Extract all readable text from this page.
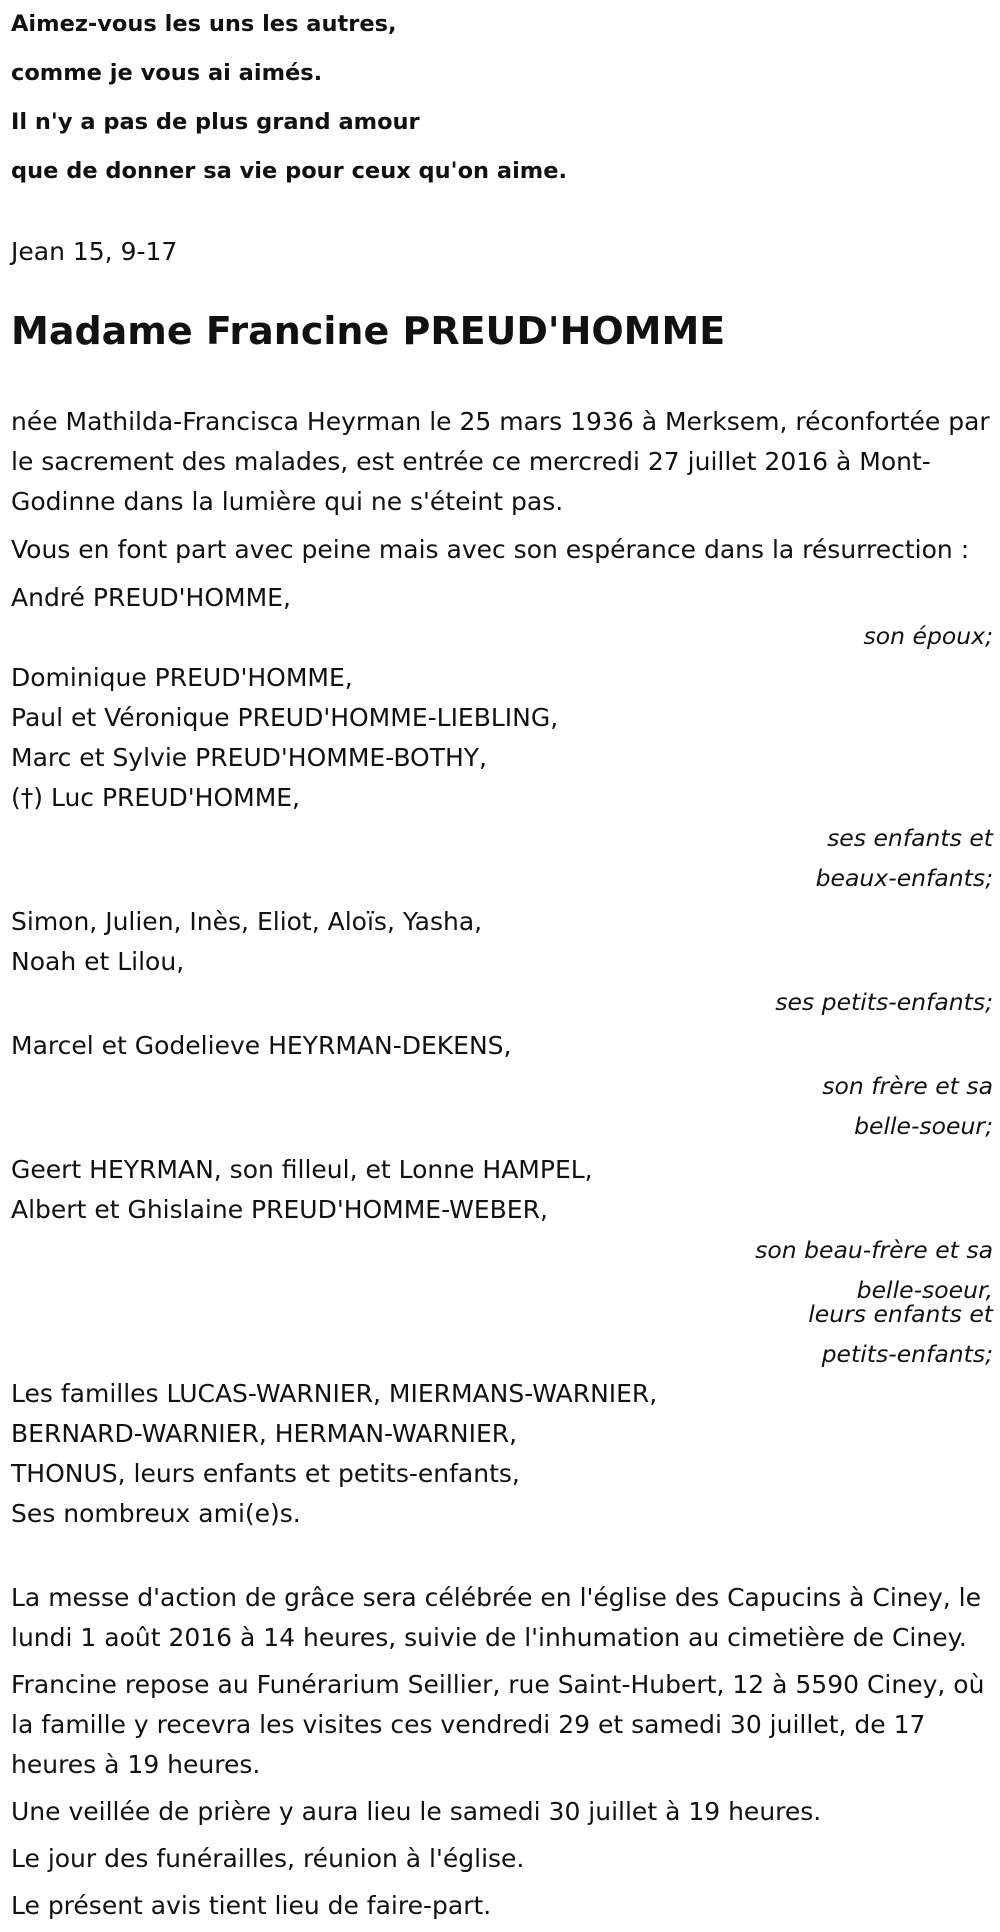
Aimez-vous les uns les autres,

comme je vous ai aimés.

Il n'y a pas de plus grand amour

que de donner sa vie pour ceux qu'on aime.

Jean 15, 9-17

Madame Francine PREUD'HOMME

née Mathilda-Francisca Heyrman le 25 mars 1936 à Merksem, réconfortée par le sacrement des malades, est entrée ce mercredi 27 juillet 2016 à Mont-Godinne dans la lumière qui ne s'éteint pas.

Vous en font part avec peine mais avec son espérance dans la résurrection :

André PREUD'HOMME,

son époux;

Dominique PREUD'HOMME,

Paul et Véronique PREUD'HOMME-LIEBLING,

Marc et Sylvie PREUD'HOMME-BOTHY,

(†) Luc PREUD'HOMME,

ses enfants et
beaux-enfants;

Simon, Julien, Inès, Eliot, Aloïs, Yasha,

Noah et Lilou,

ses petits-enfants;

Marcel et Godelieve HEYRMAN-DEKENS,

son frère et sa
belle-soeur;

Geert HEYRMAN, son filleul, et Lonne HAMPEL,

Albert et Ghislaine PREUD'HOMME-WEBER,

son beau-frère et sa
belle-soeur,

leurs enfants et
petits-enfants;

Les familles LUCAS-WARNIER, MIERMANS-WARNIER,

BERNARD-WARNIER, HERMAN-WARNIER,

THONUS, leurs enfants et petits-enfants,

Ses nombreux ami(e)s.

La messe d'action de grâce sera célébrée en l'église des Capucins à Ciney, le lundi 1 août 2016 à 14 heures, suivie de l'inhumation au cimetière de Ciney.

Francine repose au Funérarium Seillier, rue Saint-Hubert, 12 à 5590 Ciney, où la famille y recevra les visites ces vendredi 29 et samedi 30 juillet, de 17 heures à 19 heures.

Une veillée de prière y aura lieu le samedi 30 juillet à 19 heures.

Le jour des funérailles, réunion à l'église.

Le présent avis tient lieu de faire-part.
